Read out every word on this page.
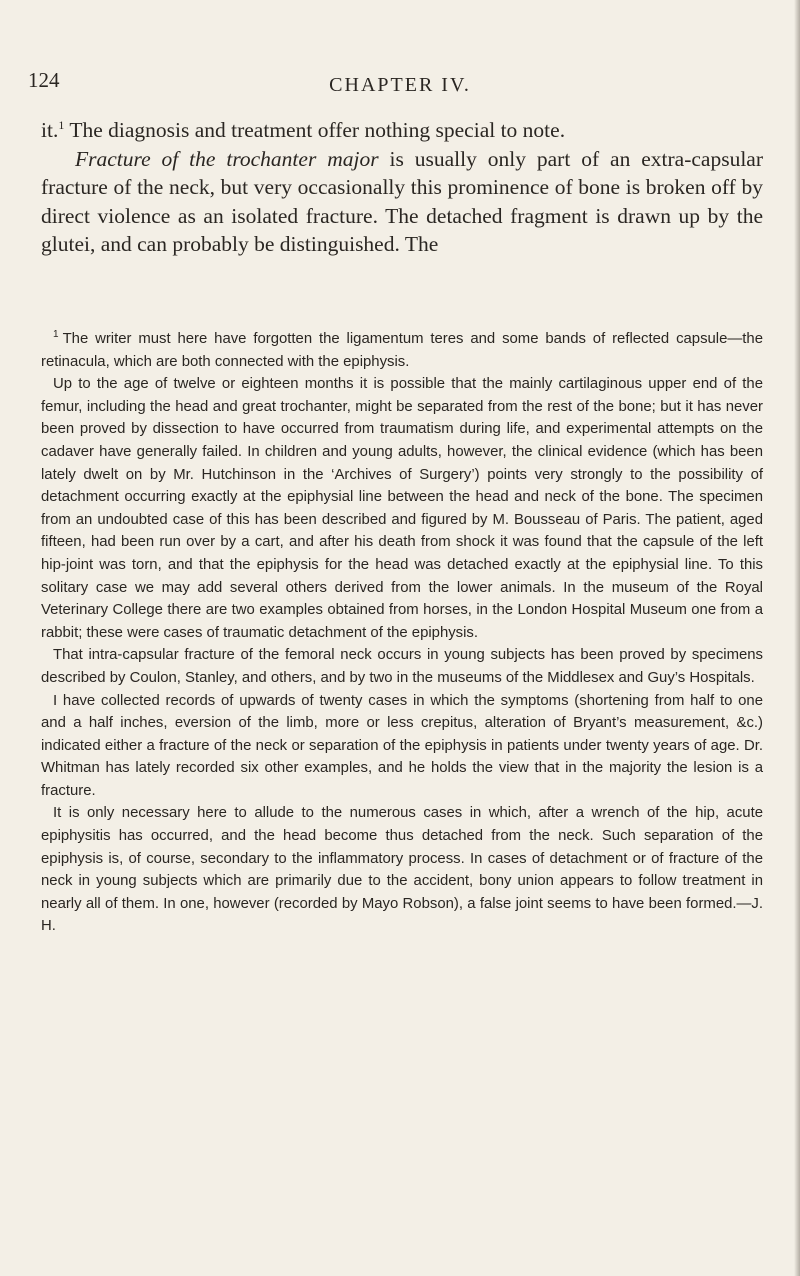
124	CHAPTER IV.

it.$^1$ The diagnosis and treatment offer nothing special to note.

Fracture of the trochanter major is usually only part of an extra-capsular fracture of the neck, but very occasionally this prominence of bone is broken off by direct violence as an isolated fracture. The detached fragment is drawn up by the glutei, and can probably be distinguished. The

$^1$ The writer must here have forgotten the ligamentum teres and some bands of reflected capsule—the retinacula, which are both connected with the epiphysis.

Up to the age of twelve or eighteen months it is possible that the mainly cartilaginous upper end of the femur, including the head and great trochanter, might be separated from the rest of the bone; but it has never been proved by dissection to have occurred from traumatism during life, and experimental attempts on the cadaver have generally failed. In children and young adults, however, the clinical evidence (which has been lately dwelt on by Mr. Hutchinson in the ‘Archives of Surgery’) points very strongly to the possibility of detachment occurring exactly at the epiphysial line between the head and neck of the bone. The specimen from an undoubted case of this has been described and figured by M. Bousseau of Paris. The patient, aged fifteen, had been run over by a cart, and after his death from shock it was found that the capsule of the left hip-joint was torn, and that the epiphysis for the head was detached exactly at the epiphysial line. To this solitary case we may add several others derived from the lower animals. In the museum of the Royal Veterinary College there are two examples obtained from horses, in the London Hospital Museum one from a rabbit; these were cases of traumatic detachment of the epiphysis.

That intra-capsular fracture of the femoral neck occurs in young subjects has been proved by specimens described by Coulon, Stanley, and others, and by two in the museums of the Middlesex and Guy’s Hospitals.

I have collected records of upwards of twenty cases in which the symptoms (shortening from half to one and a half inches, eversion of the limb, more or less crepitus, alteration of Bryant’s measurement, &c.) indicated either a fracture of the neck or separation of the epiphysis in patients under twenty years of age. Dr. Whitman has lately recorded six other examples, and he holds the view that in the majority the lesion is a fracture.

It is only necessary here to allude to the numerous cases in which, after a wrench of the hip, acute epiphysitis has occurred, and the head become thus detached from the neck. Such separation of the epiphysis is, of course, secondary to the inflammatory process. In cases of detachment or of fracture of the neck in young subjects which are primarily due to the accident, bony union appears to follow treatment in nearly all of them. In one, however (recorded by Mayo Robson), a false joint seems to have been formed.—J. H.
